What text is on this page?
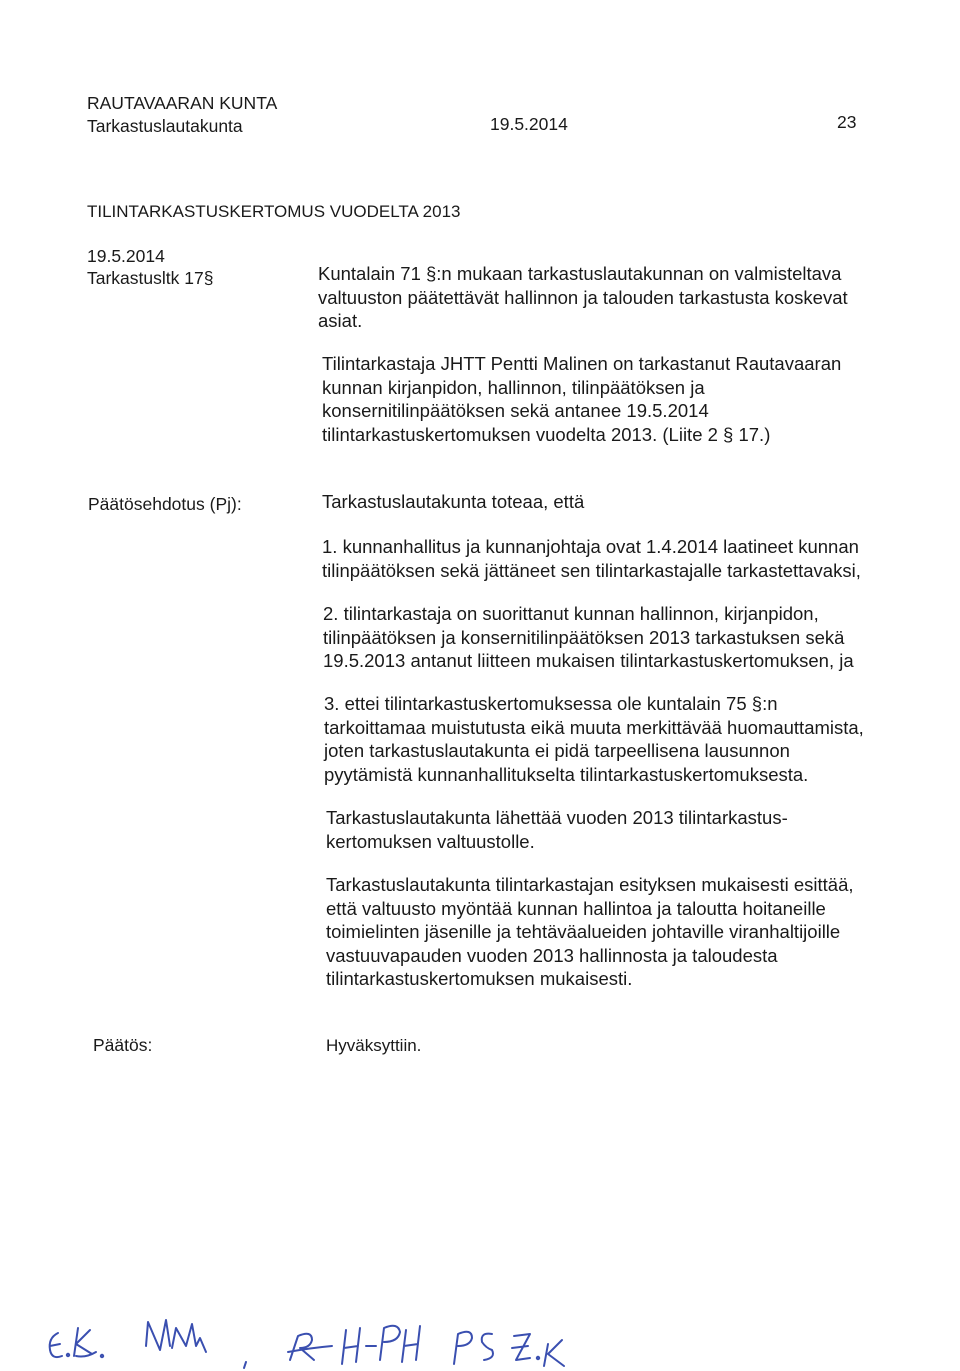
RAUTAVAARAN KUNTA
Tarkastuslautakunta	19.5.2014	23
TILINTARKASTUSKERTOMUS VUODELTA 2013
19.5.2014
Tarkastusltk 17§	Kuntalain 71 §:n mukaan tarkastuslautakunnan on valmisteltava
valtuuston päätettävät hallinnon ja talouden tarkastusta koskevat
asiat.
Tilintarkastaja JHTT Pentti Malinen on tarkastanut Rautavaaran
kunnan kirjanpidon, hallinnon, tilinpäätöksen ja
konsernitilinpäätöksen sekä antanee 19.5.2014
tilintarkastuskertomuksen vuodelta 2013. (Liite 2 § 17.)
Päätösehdotus (Pj):	Tarkastuslautakunta toteaa, että
1. kunnanhallitus ja kunnanjohtaja ovat 1.4.2014 laatineet kunnan
tilinpäätöksen sekä jättäneet sen tilintarkastajalle tarkastettavaksi,
2. tilintarkastaja on suorittanut kunnan hallinnon, kirjanpidon,
tilinpäätöksen ja konsernitilinpäätöksen 2013 tarkastuksen sekä
19.5.2013 antanut liitteen mukaisen tilintarkastuskertomuksen, ja
3. ettei tilintarkastuskertomuksessa ole kuntalain 75 §:n
tarkoittamaa muistutusta eikä muuta merkittävää huomauttamista,
joten tarkastuslautakunta ei pidä tarpeellisena lausunnon
pyytämistä kunnanhallitukselta tilintarkastuskertomuksesta.
Tarkastuslautakunta lähettää vuoden 2013 tilintarkastus-
kertomuksen valtuustolle.
Tarkastuslautakunta tilintarkastajan esityksen mukaisesti esittää,
että valtuusto myöntää kunnan hallintoa ja taloutta hoitaneille
toimielinten jäsenille ja tehtäväalueiden johtaville viranhaltijoille
vastuuvapauden vuoden 2013 hallinnosta ja taloudesta
tilintarkastuskertomuksen mukaisesti.
Päätös:	Hyväksyttiin.
